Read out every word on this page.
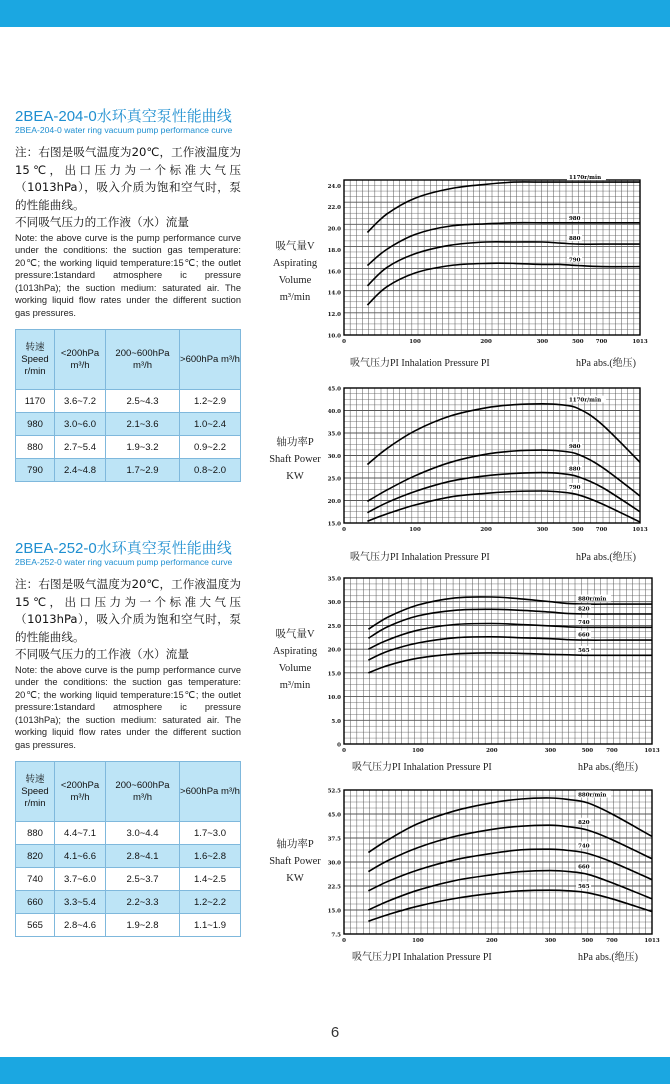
2BEA-204-0水环真空泵性能曲线
2BEA-204-0 water ring vacuum pump performance curve
注：右图是吸气温度为20℃，工作液温度为15℃，出口压力为一个标准大气压（1013hPa），吸入介质为饱和空气时，泵的性能曲线。
不同吸气压力的工作液（水）流量
Note: the above curve is the pump performance curve under the conditions: the suction gas temperature: 20℃; the working liquid temperature:15℃; the outlet pressure:1standard atmosphere ic pressure (1013hPa); the suction medium: saturated air. The working liquid flow rates under the different suction gas pressures.
转速 Speed r/min	<200hPa m³/h	200~600hPa m³/h	>600hPa m³/h
1170	3.6~7.2	2.5~4.3	1.2~2.9
980	3.0~6.0	2.1~3.6	1.0~2.4
880	2.7~5.4	1.9~3.2	0.9~2.2
790	2.4~4.8	1.7~2.9	0.8~2.0
2BEA-252-0水环真空泵性能曲线
2BEA-252-0 water ring vacuum pump performance curve
注：右图是吸气温度为20℃，工作液温度为15℃，出口压力为一个标准大气压（1013hPa），吸入介质为饱和空气时，泵的性能曲线。
不同吸气压力的工作液（水）流量
Note: the above curve is the pump performance curve under the conditions: the suction gas temperature: 20℃; the working liquid temperature:15℃; the outlet pressure:1standard atmosphere ic pressure (1013hPa); the suction medium: saturated air. The working liquid flow rates under the different suction gas pressures.
转速 Speed r/min	<200hPa m³/h	200~600hPa m³/h	>600hPa m³/h
880	4.4~7.1	3.0~4.4	1.7~3.0
820	4.1~6.6	2.8~4.1	1.6~2.8
740	3.7~6.0	2.5~3.7	1.4~2.5
660	3.3~5.4	2.2~3.3	1.2~2.2
565	2.8~4.6	1.9~2.8	1.1~1.9
10.0
12.0
14.0
16.0
18.0
20.0
22.0
24.0
0	100	200	300	500 700	1013
1170r/min
980
880
790
吸气量V
Aspirating
Volume
m³/min
吸气压力PI Inhalation Pressure PI	hPa abs.(绝压)
15.0
20.0
25.0
30.0
35.0
40.0
45.0
0	100	200	300	500 700	1013
1170r/min
980
880
790
轴功率P
Shaft Power
KW
吸气压力PI Inhalation Pressure PI	hPa abs.(绝压)
0
5.0
10.0
15.0
20.0
25.0
30.0
35.0
0	100	200	300	500 700	1013
880r/min
820
740
660
565
吸气量V
Aspirating
Volume
m³/min
吸气压力PI Inhalation Pressure PI	hPa abs.(绝压)
7.5
15.0
22.5
30.0
37.5
45.0
52.5
0	100	200	300	500 700	1013
880r/min
820
740
660
565
轴功率P
Shaft Power
KW
吸气压力PI Inhalation Pressure PI	hPa abs.(绝压)
6
